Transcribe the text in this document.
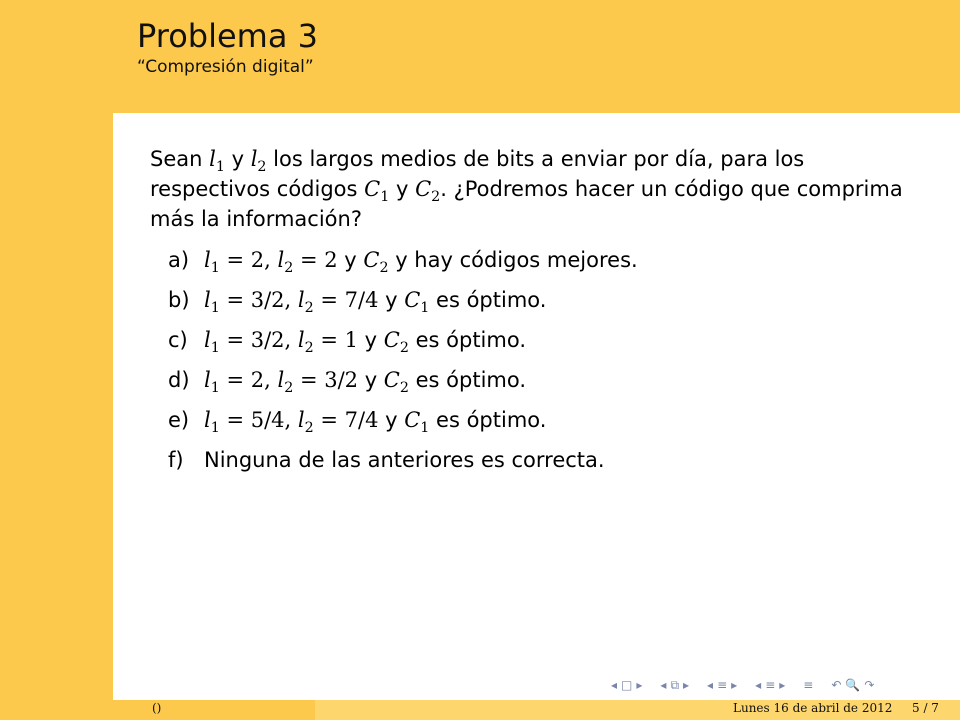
Problema 3
“Compresión digital”

Sean $l_1$ y $l_2$ los largos medios de bits a enviar por día, para los respectivos códigos $C_1$ y $C_2$. ¿Podremos hacer un código que comprima más la información?

a) $l_1 = 2$, $l_2 = 2$ y $C_2$ y hay códigos mejores.
b) $l_1 = 3/2$, $l_2 = 7/4$ y $C_1$ es óptimo.
c) $l_1 = 3/2$, $l_2 = 1$ y $C_2$ es óptimo.
d) $l_1 = 2$, $l_2 = 3/2$ y $C_2$ es óptimo.
e) $l_1 = 5/4$, $l_2 = 7/4$ y $C_1$ es óptimo.
f) Ninguna de las anteriores es correcta.
()	Lunes 16 de abril de 2012 5 / 7
◂ □ ▸ ◂ ⧉ ▸ ◂ ≡ ▸ ◂ ≡ ▸ ≡ ↶ 🔍 ↷
